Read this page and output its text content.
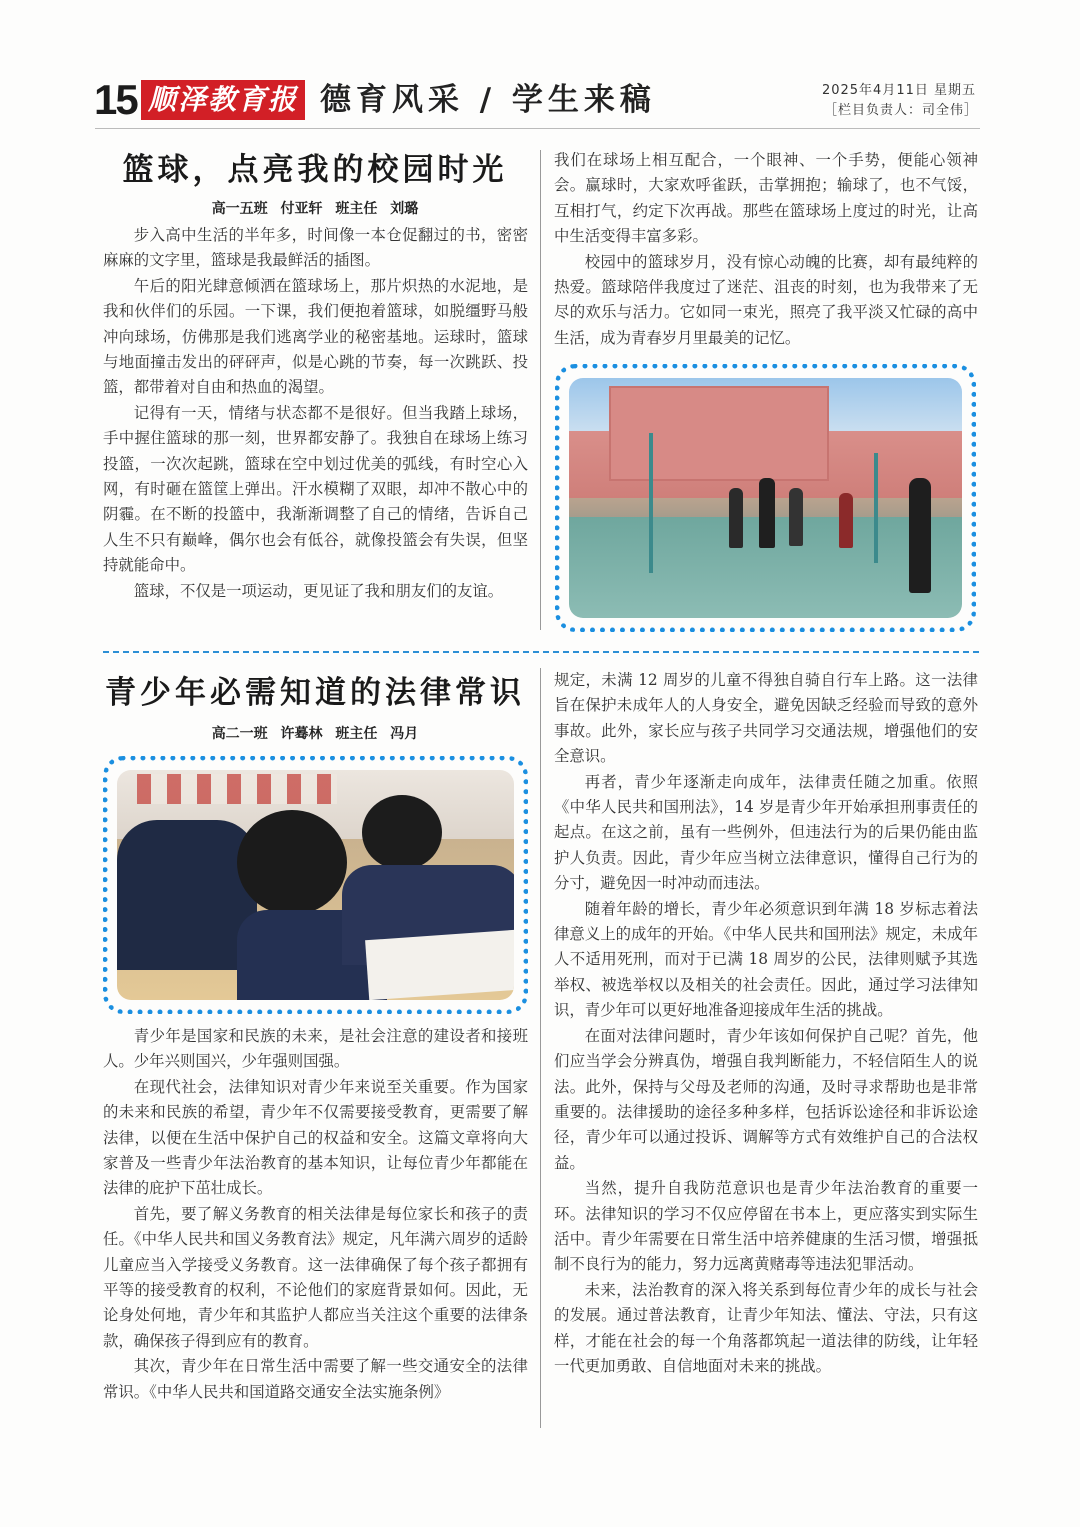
15 顺泽教育报 德育风采 / 学生来稿	2025年4月11日 星期五
［栏目负责人：司全伟］
篮球，点亮我的校园时光
高一五班 付亚轩 班主任 刘璐

步入高中生活的半年多，时间像一本仓促翻过的书，密密麻麻的文字里，篮球是我最鲜活的插图。

午后的阳光肆意倾洒在篮球场上，那片炽热的水泥地，是我和伙伴们的乐园。一下课，我们便抱着篮球，如脱缰野马般冲向球场，仿佛那是我们逃离学业的秘密基地。运球时，篮球与地面撞击发出的砰砰声，似是心跳的节奏，每一次跳跃、投篮，都带着对自由和热血的渴望。

记得有一天，情绪与状态都不是很好。但当我踏上球场，手中握住篮球的那一刻，世界都安静了。我独自在球场上练习投篮，一次次起跳，篮球在空中划过优美的弧线，有时空心入网，有时砸在篮筐上弹出。汗水模糊了双眼，却冲不散心中的阴霾。在不断的投篮中，我渐渐调整了自己的情绪，告诉自己人生不只有巅峰，偶尔也会有低谷，就像投篮会有失误，但坚持就能命中。

篮球，不仅是一项运动，更见证了我和朋友们的友谊。

我们在球场上相互配合，一个眼神、一个手势，便能心领神会。赢球时，大家欢呼雀跃，击掌拥抱；输球了，也不气馁，互相打气，约定下次再战。那些在篮球场上度过的时光，让高中生活变得丰富多彩。

校园中的篮球岁月，没有惊心动魄的比赛，却有最纯粹的热爱。篮球陪伴我度过了迷茫、沮丧的时刻，也为我带来了无尽的欢乐与活力。它如同一束光，照亮了我平淡又忙碌的高中生活，成为青春岁月里最美的记忆。

青少年必需知道的法律常识
高二一班 许蓦林 班主任 冯月

青少年是国家和民族的未来，是社会注意的建设者和接班人。少年兴则国兴，少年强则国强。

在现代社会，法律知识对青少年来说至关重要。作为国家的未来和民族的希望，青少年不仅需要接受教育，更需要了解法律，以便在生活中保护自己的权益和安全。这篇文章将向大家普及一些青少年法治教育的基本知识，让每位青少年都能在法律的庇护下茁壮成长。

首先，要了解义务教育的相关法律是每位家长和孩子的责任。《中华人民共和国义务教育法》规定，凡年满六周岁的适龄儿童应当入学接受义务教育。这一法律确保了每个孩子都拥有平等的接受教育的权利，不论他们的家庭背景如何。因此，无论身处何地，青少年和其监护人都应当关注这个重要的法律条款，确保孩子得到应有的教育。

其次，青少年在日常生活中需要了解一些交通安全的法律常识。《中华人民共和国道路交通安全法实施条例》

规定，未满 12 周岁的儿童不得独自骑自行车上路。这一法律旨在保护未成年人的人身安全，避免因缺乏经验而导致的意外事故。此外，家长应与孩子共同学习交通法规，增强他们的安全意识。

再者，青少年逐渐走向成年，法律责任随之加重。依照《中华人民共和国刑法》，14 岁是青少年开始承担刑事责任的起点。在这之前，虽有一些例外，但违法行为的后果仍能由监护人负责。因此，青少年应当树立法律意识，懂得自己行为的分寸，避免因一时冲动而违法。

随着年龄的增长，青少年必须意识到年满 18 岁标志着法律意义上的成年的开始。《中华人民共和国刑法》规定，未成年人不适用死刑，而对于已满 18 周岁的公民，法律则赋予其选举权、被选举权以及相关的社会责任。因此，通过学习法律知识，青少年可以更好地准备迎接成年生活的挑战。

在面对法律问题时，青少年该如何保护自己呢？首先，他们应当学会分辨真伪，增强自我判断能力，不轻信陌生人的说法。此外，保持与父母及老师的沟通，及时寻求帮助也是非常重要的。法律援助的途径多种多样，包括诉讼途径和非诉讼途径，青少年可以通过投诉、调解等方式有效维护自己的合法权益。

当然，提升自我防范意识也是青少年法治教育的重要一环。法律知识的学习不仅应停留在书本上，更应落实到实际生活中。青少年需要在日常生活中培养健康的生活习惯，增强抵制不良行为的能力，努力远离黄赌毒等违法犯罪活动。

未来，法治教育的深入将关系到每位青少年的成长与社会的发展。通过普法教育，让青少年知法、懂法、守法，只有这样，才能在社会的每一个角落都筑起一道法律的防线，让年轻一代更加勇敢、自信地面对未来的挑战。
